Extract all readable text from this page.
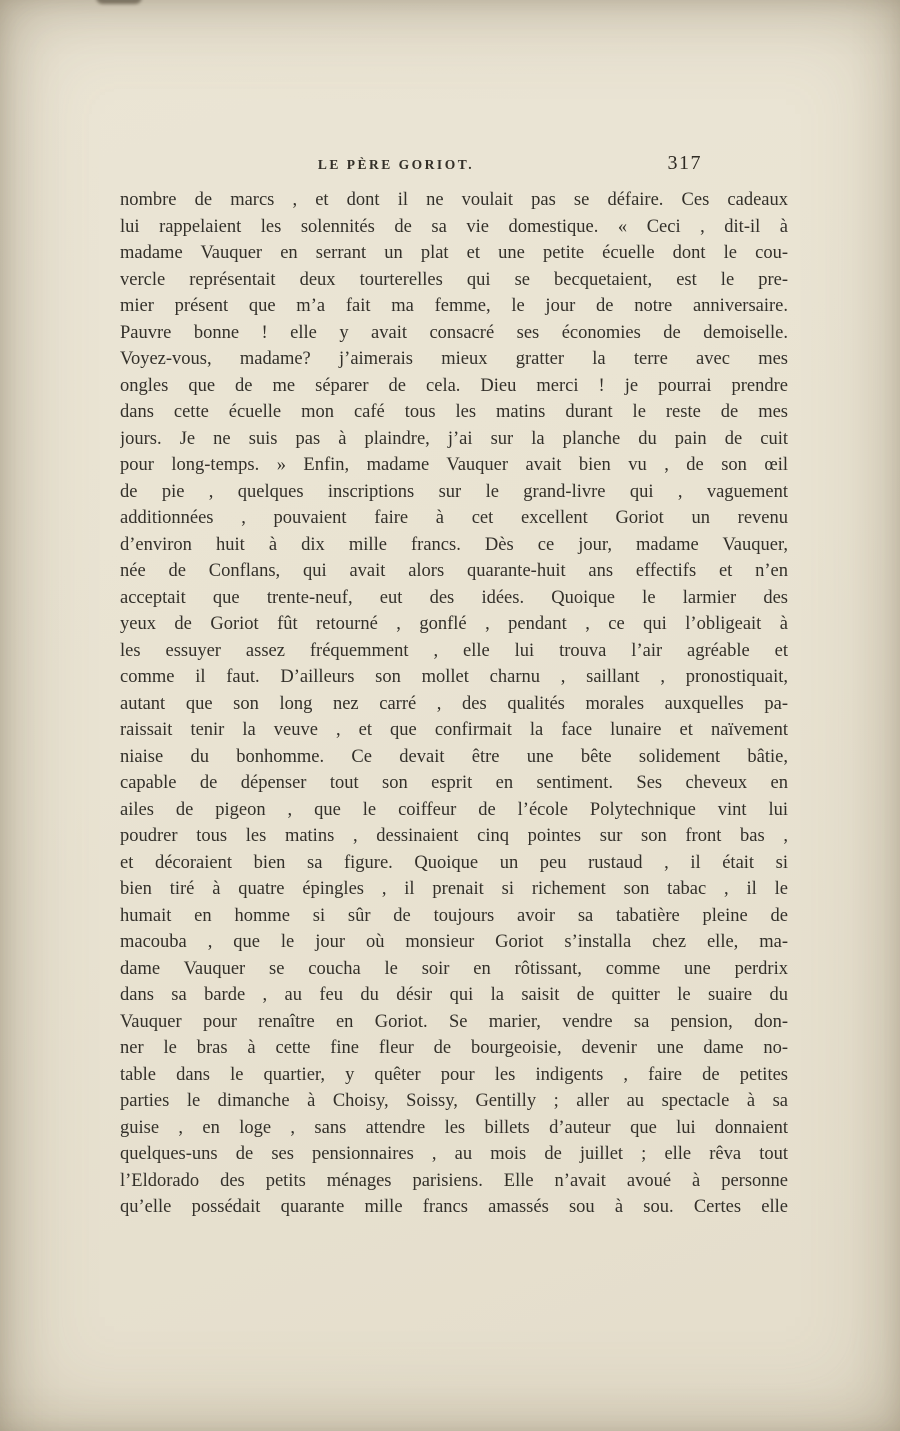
LE PÈRE GORIOT.	317
nombre de marcs , et dont il ne voulait pas se défaire. Ces cadeaux
lui rappelaient les solennités de sa vie domestique. « Ceci , dit-il à
madame Vauquer en serrant un plat et une petite écuelle dont le cou-
vercle représentait deux tourterelles qui se becquetaient, est le pre-
mier présent que m’a fait ma femme, le jour de notre anniversaire.
Pauvre bonne ! elle y avait consacré ses économies de demoiselle.
Voyez-vous, madame? j’aimerais mieux gratter la terre avec mes
ongles que de me séparer de cela. Dieu merci ! je pourrai prendre
dans cette écuelle mon café tous les matins durant le reste de mes
jours. Je ne suis pas à plaindre, j’ai sur la planche du pain de cuit
pour long-temps. » Enfin, madame Vauquer avait bien vu , de son œil
de pie , quelques inscriptions sur le grand-livre qui , vaguement
additionnées , pouvaient faire à cet excellent Goriot un revenu
d’environ huit à dix mille francs. Dès ce jour, madame Vauquer,
née de Conflans, qui avait alors quarante-huit ans effectifs et n’en
acceptait que trente-neuf, eut des idées. Quoique le larmier des
yeux de Goriot fût retourné , gonflé , pendant , ce qui l’obligeait à
les essuyer assez fréquemment , elle lui trouva l’air agréable et
comme il faut. D’ailleurs son mollet charnu , saillant , pronostiquait,
autant que son long nez carré , des qualités morales auxquelles pa-
raissait tenir la veuve , et que confirmait la face lunaire et naïvement
niaise du bonhomme. Ce devait être une bête solidement bâtie,
capable de dépenser tout son esprit en sentiment. Ses cheveux en
ailes de pigeon , que le coiffeur de l’école Polytechnique vint lui
poudrer tous les matins , dessinaient cinq pointes sur son front bas ,
et décoraient bien sa figure. Quoique un peu rustaud , il était si
bien tiré à quatre épingles , il prenait si richement son tabac , il le
humait en homme si sûr de toujours avoir sa tabatière pleine de
macouba , que le jour où monsieur Goriot s’installa chez elle, ma-
dame Vauquer se coucha le soir en rôtissant, comme une perdrix
dans sa barde , au feu du désir qui la saisit de quitter le suaire du
Vauquer pour renaître en Goriot. Se marier, vendre sa pension, don-
ner le bras à cette fine fleur de bourgeoisie, devenir une dame no-
table dans le quartier, y quêter pour les indigents , faire de petites
parties le dimanche à Choisy, Soissy, Gentilly ; aller au spectacle à sa
guise , en loge , sans attendre les billets d’auteur que lui donnaient
quelques-uns de ses pensionnaires , au mois de juillet ; elle rêva tout
l’Eldorado des petits ménages parisiens. Elle n’avait avoué à personne
qu’elle possédait quarante mille francs amassés sou à sou. Certes elle
